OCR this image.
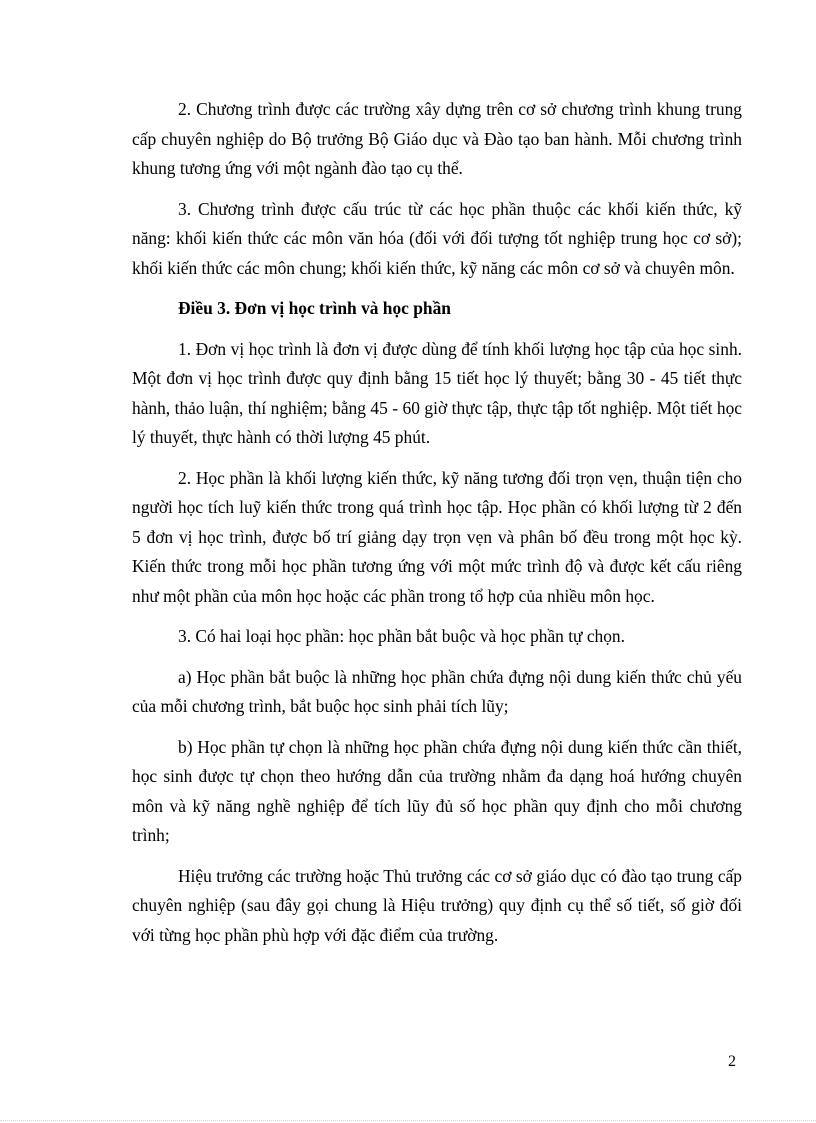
2. Chương trình được các trường xây dựng trên cơ sở chương trình khung trung cấp chuyên nghiệp do Bộ trưởng Bộ Giáo dục và Đào tạo ban hành. Mỗi chương trình khung tương ứng với một ngành đào tạo cụ thể.

3. Chương trình được cấu trúc từ các học phần thuộc các khối kiến thức, kỹ năng: khối kiến thức các môn văn hóa (đối với đối tượng tốt nghiệp trung học cơ sở); khối kiến thức các môn chung; khối kiến thức, kỹ năng các môn cơ sở và chuyên môn.

Điều 3. Đơn vị học trình và học phần

1. Đơn vị học trình là đơn vị được dùng để tính khối lượng học tập của học sinh. Một đơn vị học trình được quy định bằng 15 tiết học lý thuyết; bằng 30 - 45 tiết thực hành, thảo luận, thí nghiệm; bằng 45 - 60 giờ thực tập, thực tập tốt nghiệp. Một tiết học lý thuyết, thực hành có thời lượng 45 phút.

2. Học phần là khối lượng kiến thức, kỹ năng tương đối trọn vẹn, thuận tiện cho người học tích luỹ kiến thức trong quá trình học tập. Học phần có khối lượng từ 2 đến 5 đơn vị học trình, được bố trí giảng dạy trọn vẹn và phân bố đều trong một học kỳ. Kiến thức trong mỗi học phần tương ứng với một mức trình độ và được kết cấu riêng như một phần của môn học hoặc các phần trong tổ hợp của nhiều môn học.

3. Có hai loại học phần: học phần bắt buộc và học phần tự chọn.

a) Học phần bắt buộc là những học phần chứa đựng nội dung kiến thức chủ yếu của mỗi chương trình, bắt buộc học sinh phải tích lũy;

b) Học phần tự chọn là những học phần chứa đựng nội dung kiến thức cần thiết, học sinh được tự chọn theo hướng dẫn của trường nhằm đa dạng hoá hướng chuyên môn và kỹ năng nghề nghiệp để tích lũy đủ số học phần quy định cho mỗi chương trình;

Hiệu trưởng các trường hoặc Thủ trưởng các cơ sở giáo dục có đào tạo trung cấp chuyên nghiệp (sau đây gọi chung là Hiệu trưởng) quy định cụ thể số tiết, số giờ đối với từng học phần phù hợp với đặc điểm của trường.

2
